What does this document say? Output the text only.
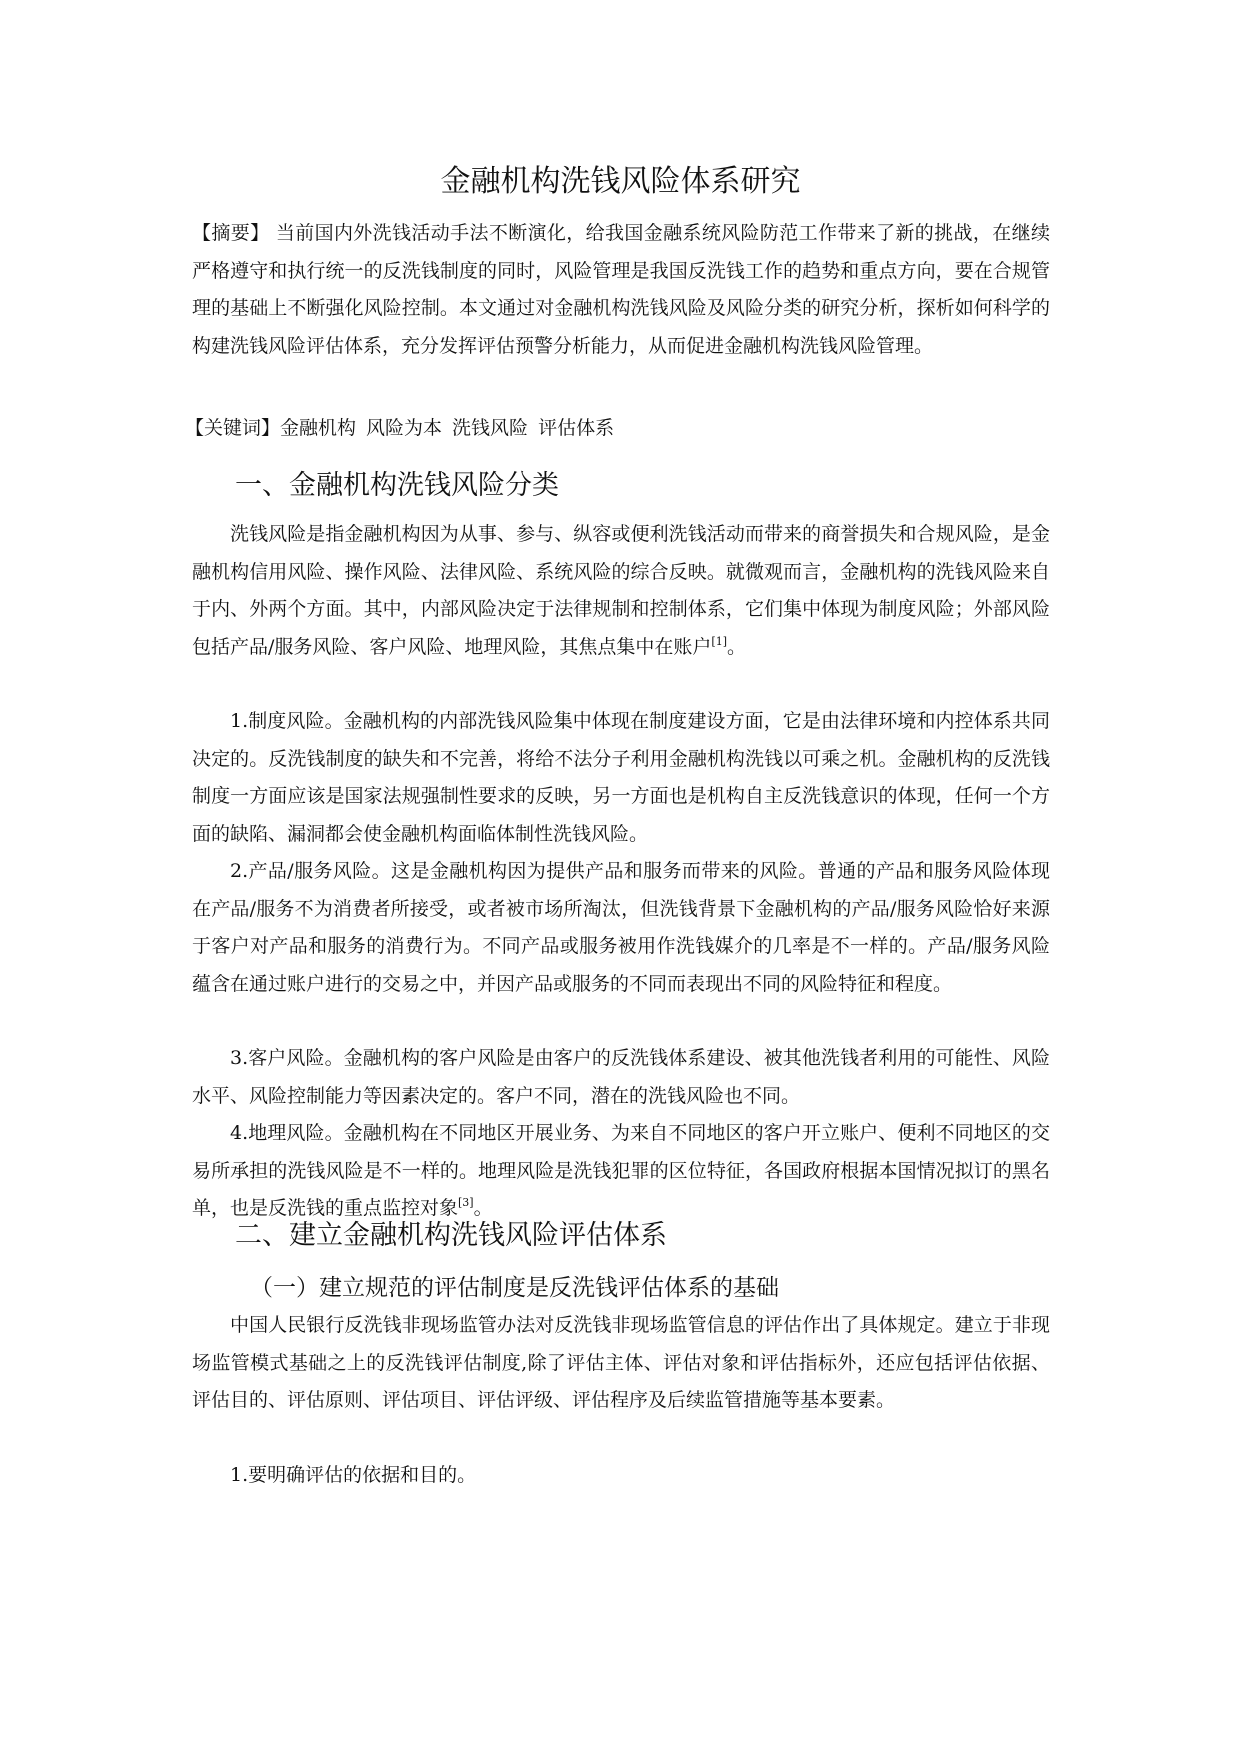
金融机构洗钱风险体系研究

【摘要】 当前国内外洗钱活动手法不断演化，给我国金融系统风险防范工作带来了新的挑战，在继续严格遵守和执行统一的反洗钱制度的同时，风险管理是我国反洗钱工作的趋势和重点方向，要在合规管理的基础上不断强化风险控制。本文通过对金融机构洗钱风险及风险分类的研究分析，探析如何科学的构建洗钱风险评估体系，充分发挥评估预警分析能力，从而促进金融机构洗钱风险管理。

【关键词】金融机构 风险为本 洗钱风险 评估体系

一、金融机构洗钱风险分类

洗钱风险是指金融机构因为从事、参与、纵容或便利洗钱活动而带来的商誉损失和合规风险，是金融机构信用风险、操作风险、法律风险、系统风险的综合反映。就微观而言，金融机构的洗钱风险来自于内、外两个方面。其中，内部风险决定于法律规制和控制体系，它们集中体现为制度风险；外部风险包括产品/服务风险、客户风险、地理风险，其焦点集中在账户[1]。

1.制度风险。金融机构的内部洗钱风险集中体现在制度建设方面，它是由法律环境和内控体系共同决定的。反洗钱制度的缺失和不完善，将给不法分子利用金融机构洗钱以可乘之机。金融机构的反洗钱制度一方面应该是国家法规强制性要求的反映，另一方面也是机构自主反洗钱意识的体现，任何一个方面的缺陷、漏洞都会使金融机构面临体制性洗钱风险。

2.产品/服务风险。这是金融机构因为提供产品和服务而带来的风险。普通的产品和服务风险体现在产品/服务不为消费者所接受，或者被市场所淘汰，但洗钱背景下金融机构的产品/服务风险恰好来源于客户对产品和服务的消费行为。不同产品或服务被用作洗钱媒介的几率是不一样的。产品/服务风险蕴含在通过账户进行的交易之中，并因产品或服务的不同而表现出不同的风险特征和程度。

3.客户风险。金融机构的客户风险是由客户的反洗钱体系建设、被其他洗钱者利用的可能性、风险水平、风险控制能力等因素决定的。客户不同，潜在的洗钱风险也不同。

4.地理风险。金融机构在不同地区开展业务、为来自不同地区的客户开立账户、便利不同地区的交易所承担的洗钱风险是不一样的。地理风险是洗钱犯罪的区位特征，各国政府根据本国情况拟订的黑名单，也是反洗钱的重点监控对象[3]。

二、建立金融机构洗钱风险评估体系
（一）建立规范的评估制度是反洗钱评估体系的基础

中国人民银行反洗钱非现场监管办法对反洗钱非现场监管信息的评估作出了具体规定。建立于非现场监管模式基础之上的反洗钱评估制度,除了评估主体、评估对象和评估指标外，还应包括评估依据、 评估目的、评估原则、评估项目、评估评级、评估程序及后续监管措施等基本要素。

1.要明确评估的依据和目的。
